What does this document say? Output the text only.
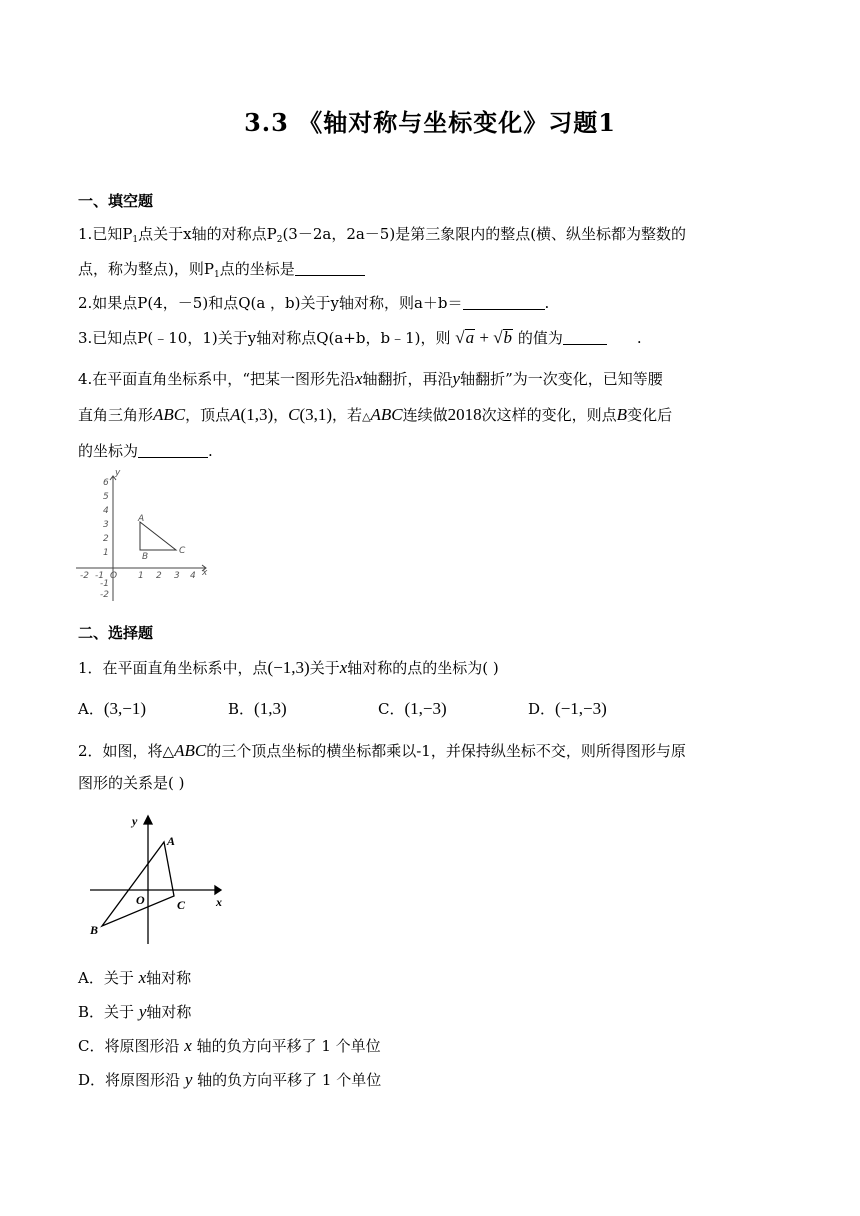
3.3 《轴对称与坐标变化》习题1
一、填空题
1.已知$P_1$点关于x轴的对称点$P_2(3-2a$，2a－5)是第三象限内的整点(横、纵坐标都为整数的
点，称为整点)，则$P_1$点的坐标是
2.如果点P(4，－5)和点Q(a ，b)关于y轴对称，则a＋b＝	.
3.已知点P(﹣10，1)关于y轴对称点Q(a+b，b﹣1)，则 √a + √b 的值为	.
4.在平面直角坐标系中，“把某一图形先沿x轴翻折，再沿y轴翻折”为一次变化，已知等腰
直角三角形ABC，顶点A(1,3)，C(3,1)，若△ABC连续做2018次这样的变化，则点B变化后
的坐标为	.
-2 -1 O 1 2 3 4 x
y
6
5
4
3
2
1
-1
-2
A
B
C
二、选择题
1．在平面直角坐标系中，点(−1,3)关于x轴对称的点的坐标为( )
A．(3,−1)	B．(1,3)	C．(1,−3)	D．(−1,−3)
2．如图，将△ABC的三个顶点坐标的横坐标都乘以-1，并保持纵坐标不交，则所得图形与原
图形的关系是( )
x
y
O
A
B
C
A．关于 x轴对称
B．关于 y轴对称
C．将原图形沿 x 轴的负方向平移了 1 个单位
D．将原图形沿 y 轴的负方向平移了 1 个单位
